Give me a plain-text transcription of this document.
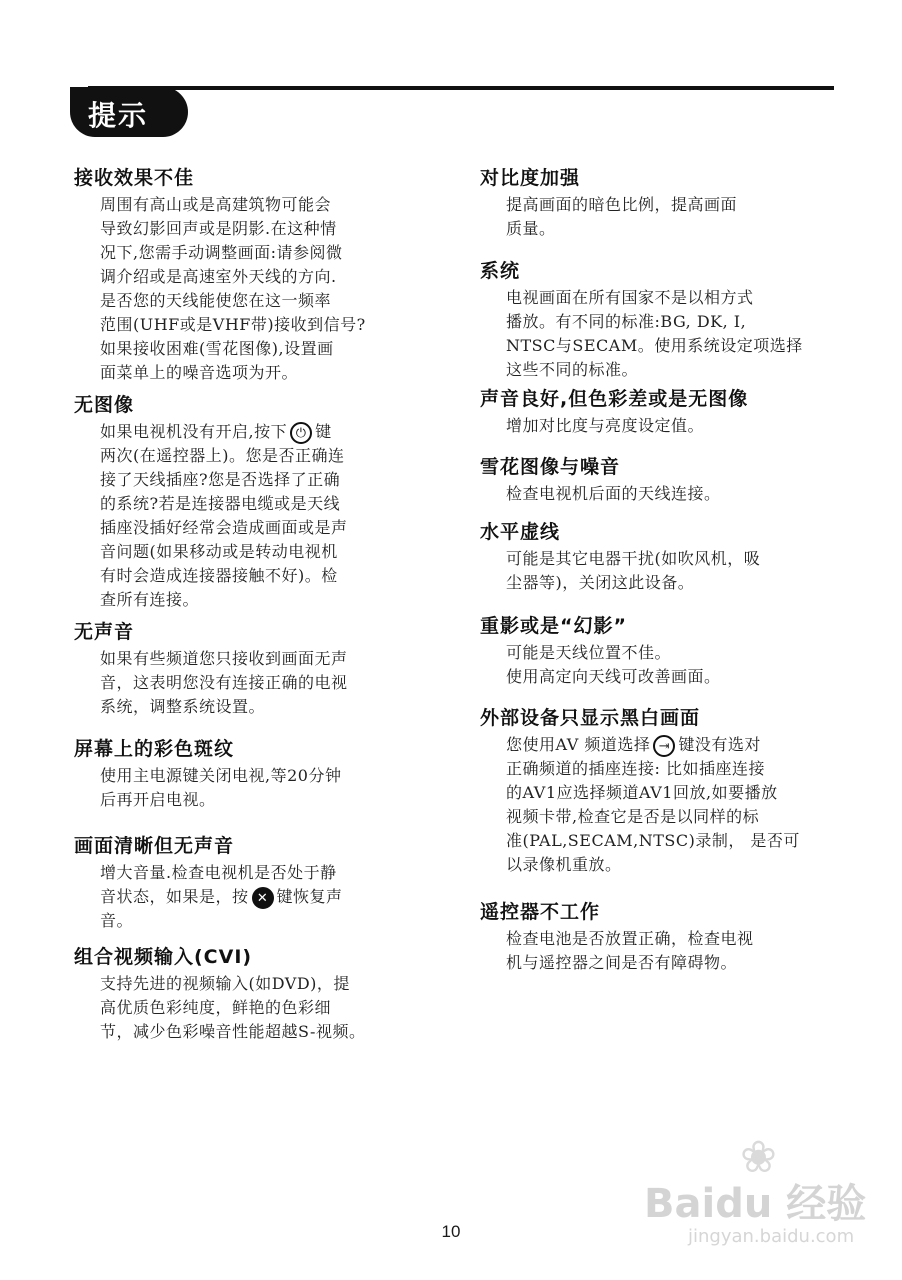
提示
接收效果不佳

周围有高山或是高建筑物可能会
导致幻影回声或是阴影.在这种情
况下,您需手动调整画面:请参阅微
调介绍或是高速室外天线的方向.
是否您的天线能使您在这一频率
范围(UHF或是VHF带)接收到信号?
如果接收困难(雪花图像),设置画
面菜单上的噪音选项为开。

无图像

如果电视机没有开启,按下 ⏻ 键
两次(在遥控器上)。您是否正确连
接了天线插座?您是否选择了正确
的系统?若是连接器电缆或是天线
插座没插好经常会造成画面或是声
音问题(如果移动或是转动电视机
有时会造成连接器接触不好)。检
查所有连接。

无声音

如果有些频道您只接收到画面无声
音，这表明您没有连接正确的电视
系统，调整系统设置。

屏幕上的彩色斑纹

使用主电源键关闭电视,等20分钟
后再开启电视。

画面清晰但无声音

增大音量.检查电视机是否处于静
音状态，如果是，按 ✕ 键恢复声
音。

组合视频输入(CVI)

支持先进的视频输入(如DVD)，提
高优质色彩纯度，鲜艳的色彩细
节，减少色彩噪音性能超越S-视频。

对比度加强

提高画面的暗色比例，提高画面
质量。

系统

电视画面在所有国家不是以相方式
播放。有不同的标准:BG, DK, I,
NTSC与SECAM。使用系统设定项选择
这些不同的标准。

声音良好,但色彩差或是无图像

增加对比度与亮度设定值。

雪花图像与噪音

检查电视机后面的天线连接。

水平虚线

可能是其它电器干扰(如吹风机，吸
尘器等)，关闭这此设备。

重影或是“幻影”

可能是天线位置不佳。
使用高定向天线可改善画面。

外部设备只显示黑白画面

您使用AV 频道选择 ⇥ 键没有选对
正确频道的插座连接: 比如插座连接
的AV1应选择频道AV1回放,如要播放
视频卡带,检查它是否是以同样的标
准(PAL,SECAM,NTSC)录制， 是否可
以录像机重放。

遥控器不工作

检查电池是否放置正确，检查电视
机与遥控器之间是否有障碍物。

❀
Baidu 经验
jingyan.baidu.com
10
